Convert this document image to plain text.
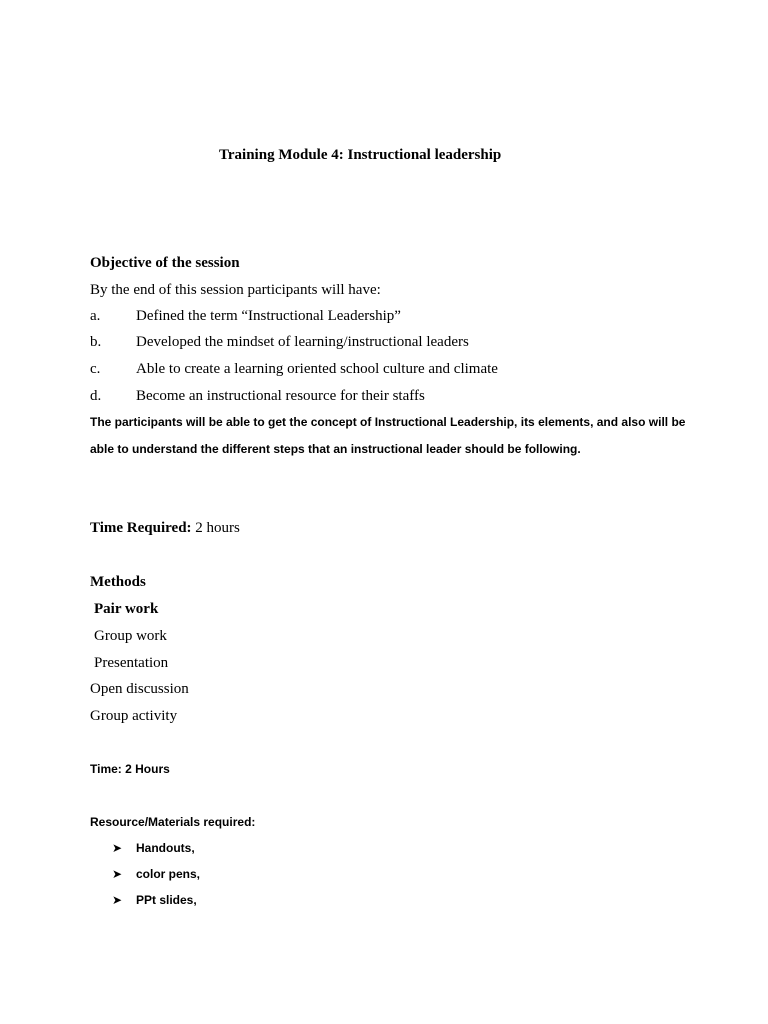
Training Module 4: Instructional leadership
Objective of the session
By the end of this session participants will have:
a. Defined the term “Instructional Leadership”
b. Developed the mindset of learning/instructional leaders
c. Able to create a learning oriented school culture and climate
d. Become an instructional resource for their staffs
The participants will be able to get the concept of Instructional Leadership, its elements, and also will be
able to understand the different steps that an instructional leader should be following.
Time Required: 2 hours
Methods
Pair work
Group work
Presentation
Open discussion
Group activity
Time: 2 Hours
Resource/Materials required:
➤ Handouts,
➤ color pens,
➤ PPt slides,
